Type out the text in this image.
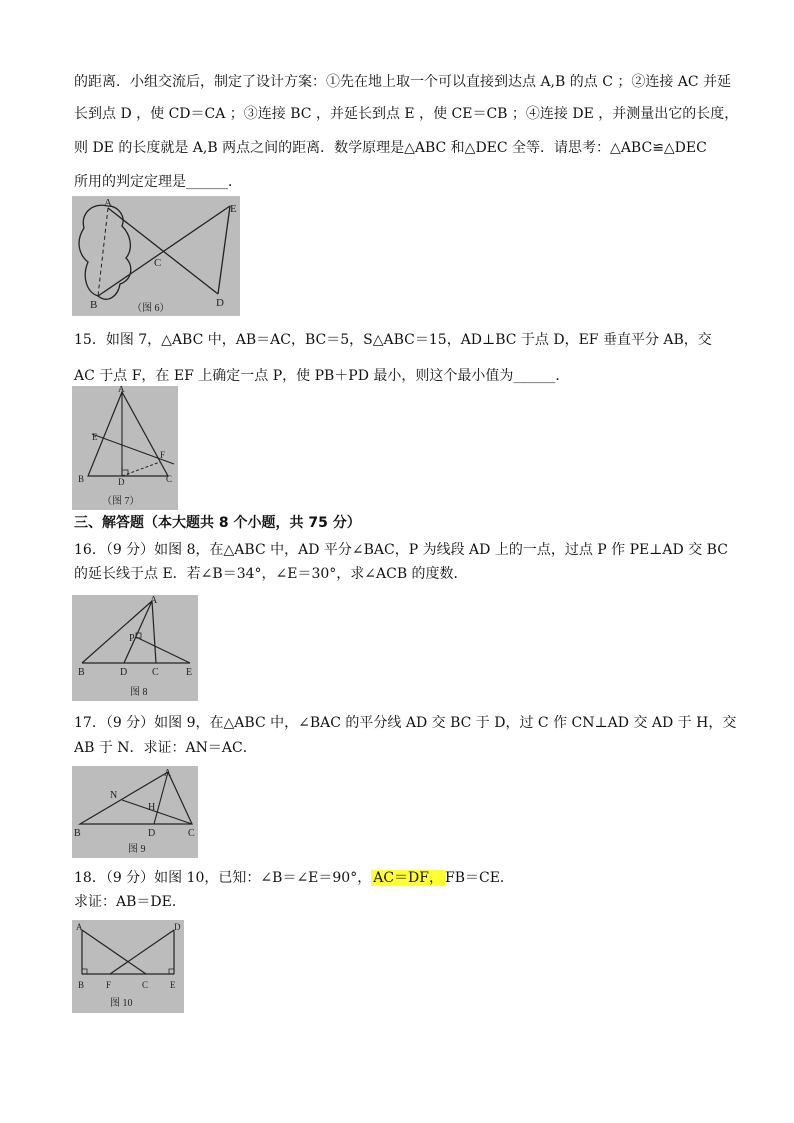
的距离．小组交流后，制定了设计方案：①先在地上取一个可以直接到达点 A,B 的点 C ；②连接 AC 并延
长到点 D ，使 CD＝CA ；③连接 BC ，并延长到点 E ，使 CE＝CB ；④连接 DE ，并测量出它的长度，
则 DE 的长度就是 A,B 两点之间的距离．数学原理是△ABC 和△DEC 全等．请思考：△ABC≌△DEC
所用的判定定理是______．
A
B
C
D
E
（图 6）
15．如图 7，△ABC 中，AB＝AC，BC＝5，S△ABC＝15，AD⊥BC 于点 D，EF 垂直平分 AB，交
AC 于点 F，在 EF 上确定一点 P，使 PB＋PD 最小，则这个最小值为______．
A
B	C
D
E
F
（图 7）
三、解答题（本大题共 8 个小题，共 75 分）
16．（9 分）如图 8，在△ABC 中，AD 平分∠BAC，P 为线段 AD 上的一点，过点 P 作 PE⊥AD 交 BC
的延长线于点 E．若∠B＝34°，∠E＝30°，求∠ACB 的度数．
A
B	C
D	E
P
图 8
17．（9 分）如图 9，在△ABC 中，∠BAC 的平分线 AD 交 BC 于 D，过 C 作 CN⊥AD 交 AD 于 H，交
AB 于 N．求证：AN＝AC．
A
B	C
D
H
N
图 9
18．（9 分）如图 10，已知：∠B＝∠E＝90°， AC＝DF， FB＝CE．
求证：AB＝DE．
A	D
B F	C E
图 10
